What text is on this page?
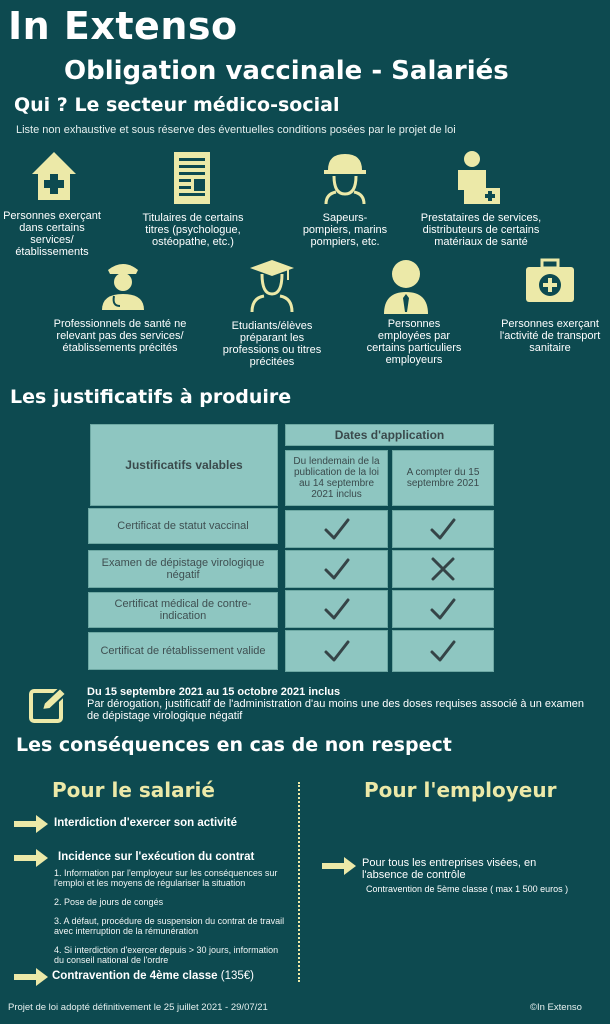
In Extenso
Obligation vaccinale - Salariés
Qui ? Le secteur médico-social
Liste non exhaustive et sous réserve des éventuelles conditions posées par le projet de loi
Personnes exerçant dans certains services/ établissements
Titulaires de certains titres (psychologue, ostéopathe, etc.)
Sapeurs-pompiers, marins pompiers, etc.
Prestataires de services, distributeurs de certains matériaux de santé
Professionnels de santé ne relevant pas des services/ établissements précités
Etudiants/élèves préparant les professions ou titres précitées
Personnes employées par certains particuliers employeurs
Personnes exerçant l'activité de transport sanitaire
Les justificatifs à produire
Justificatifs valables
Dates d'application
Du lendemain de la publication de la loi au 14 septembre 2021 inclus
A compter du 15 septembre 2021
Certificat de statut vaccinal
Examen de dépistage virologique négatif
Certificat médical de contre-indication
Certificat de rétablissement valide
Du 15 septembre 2021 au 15 octobre 2021 inclus
Par dérogation, justificatif de l'administration d'au moins une des doses requises associé à un examen de dépistage virologique négatif
Les conséquences en cas de non respect
Pour le salarié	Pour l'employeur
Interdiction d'exercer son activité
Incidence sur l'exécution du contrat
1. Information par l'employeur sur les conséquences sur l'emploi et les moyens de régulariser la situation
2. Pose de jours de congés
3. A défaut, procédure de suspension du contrat de travail avec interruption de la rémunération
4. Si interdiction d'exercer depuis > 30 jours, information du conseil national de l'ordre
Contravention de 4ème classe (135€)
Pour tous les entreprises visées, en l'absence de contrôle
Contravention de 5ème classe ( max 1 500 euros )
Projet de loi adopté définitivement le 25 juillet 2021 - 29/07/21	©In Extenso
